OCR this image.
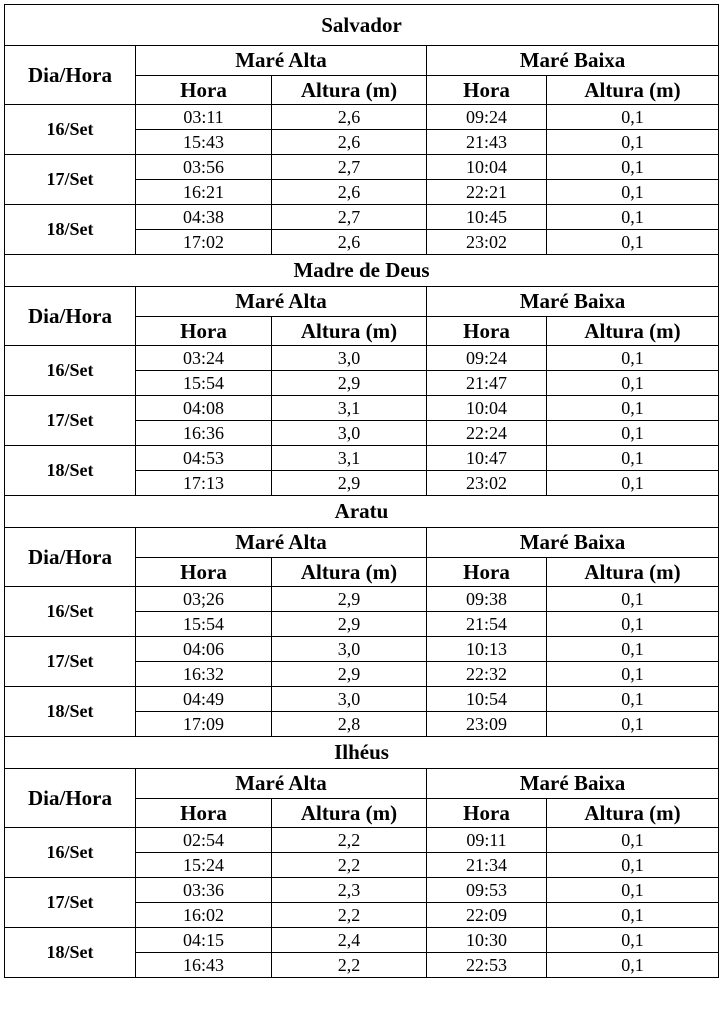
Salvador				
Dia/Hora	Maré Alta		Maré Baixa	
	Hora	Altura (m)	Hora	Altura (m)
16/Set	03:11	2,6	09:24	0,1
	15:43	2,6	21:43	0,1
17/Set	03:56	2,7	10:04	0,1
	16:21	2,6	22:21	0,1
18/Set	04:38	2,7	10:45	0,1
	17:02	2,6	23:02	0,1
Madre de Deus				
Dia/Hora	Maré Alta		Maré Baixa	
	Hora	Altura (m)	Hora	Altura (m)
16/Set	03:24	3,0	09:24	0,1
	15:54	2,9	21:47	0,1
17/Set	04:08	3,1	10:04	0,1
	16:36	3,0	22:24	0,1
18/Set	04:53	3,1	10:47	0,1
	17:13	2,9	23:02	0,1
Aratu				
Dia/Hora	Maré Alta		Maré Baixa	
	Hora	Altura (m)	Hora	Altura (m)
16/Set	03;26	2,9	09:38	0,1
	15:54	2,9	21:54	0,1
17/Set	04:06	3,0	10:13	0,1
	16:32	2,9	22:32	0,1
18/Set	04:49	3,0	10:54	0,1
	17:09	2,8	23:09	0,1
Ilhéus				
Dia/Hora	Maré Alta		Maré Baixa	
	Hora	Altura (m)	Hora	Altura (m)
16/Set	02:54	2,2	09:11	0,1
	15:24	2,2	21:34	0,1
17/Set	03:36	2,3	09:53	0,1
	16:02	2,2	22:09	0,1
18/Set	04:15	2,4	10:30	0,1
	16:43	2,2	22:53	0,1
